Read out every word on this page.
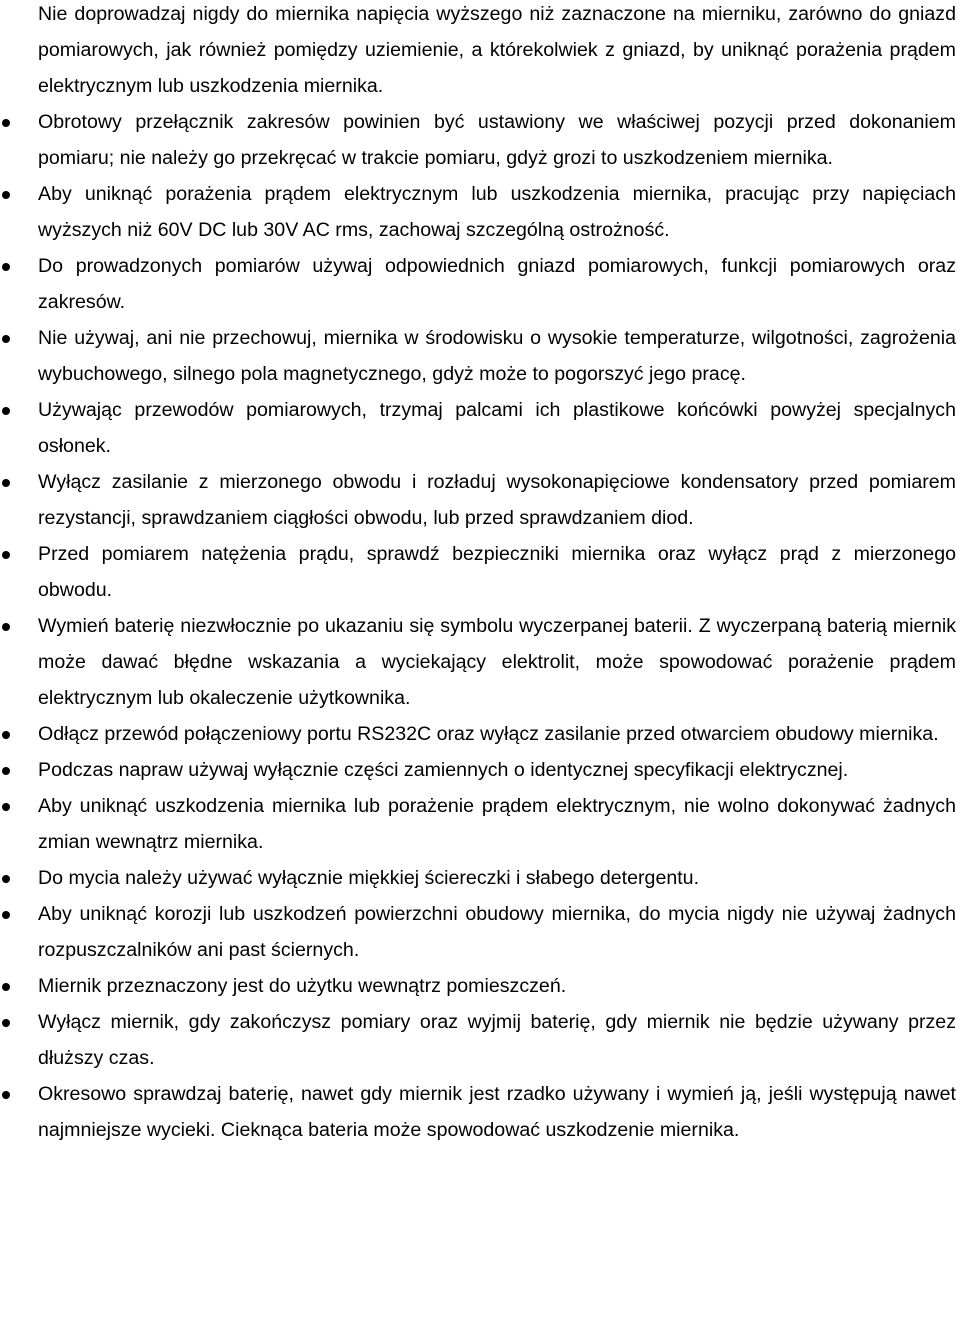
Nie doprowadzaj nigdy do miernika napięcia wyższego niż zaznaczone na mierniku, zarówno do gniazd pomiarowych, jak również pomiędzy uziemienie, a którekolwiek z gniazd, by uniknąć porażenia prądem elektrycznym lub uszkodzenia miernika.
Obrotowy przełącznik zakresów powinien być ustawiony we właściwej pozycji przed dokonaniem pomiaru; nie należy go przekręcać w trakcie pomiaru, gdyż grozi to uszkodzeniem miernika.
Aby uniknąć porażenia prądem elektrycznym lub uszkodzenia miernika, pracując przy napięciach wyższych niż 60V DC lub 30V AC rms, zachowaj szczególną ostrożność.
Do prowadzonych pomiarów używaj odpowiednich gniazd pomiarowych, funkcji pomiarowych oraz zakresów.
Nie używaj, ani nie przechowuj, miernika w środowisku o wysokie temperaturze, wilgotności, zagrożenia wybuchowego, silnego pola magnetycznego, gdyż może to pogorszyć jego pracę.
Używając przewodów pomiarowych, trzymaj palcami ich plastikowe końcówki powyżej specjalnych osłonek.
Wyłącz zasilanie z mierzonego obwodu i rozładuj wysokonapięciowe kondensatory przed pomiarem rezystancji, sprawdzaniem ciągłości obwodu, lub przed sprawdzaniem diod.
Przed pomiarem natężenia prądu, sprawdź bezpieczniki miernika oraz wyłącz prąd z mierzonego obwodu.
Wymień baterię niezwłocznie po ukazaniu się symbolu wyczerpanej baterii. Z wyczerpaną baterią miernik może dawać błędne wskazania a wyciekający elektrolit, może spowodować porażenie prądem elektrycznym lub okaleczenie użytkownika.
Odłącz przewód połączeniowy portu RS232C oraz wyłącz zasilanie przed otwarciem obudowy miernika.
Podczas napraw używaj wyłącznie części zamiennych o identycznej specyfikacji elektrycznej.
Aby uniknąć uszkodzenia miernika lub porażenie prądem elektrycznym, nie wolno dokonywać żadnych zmian wewnątrz miernika.
Do mycia należy używać wyłącznie miękkiej ściereczki i słabego detergentu.
Aby uniknąć korozji lub uszkodzeń powierzchni obudowy miernika, do mycia nigdy nie używaj żadnych rozpuszczalników ani past ściernych.
Miernik przeznaczony jest do użytku wewnątrz pomieszczeń.
Wyłącz miernik, gdy zakończysz pomiary oraz wyjmij baterię, gdy miernik nie będzie używany przez dłuższy czas.
Okresowo sprawdzaj baterię, nawet gdy miernik jest rzadko używany i wymień ją, jeśli występują nawet najmniejsze wycieki. Cieknąca bateria może spowodować uszkodzenie miernika.
